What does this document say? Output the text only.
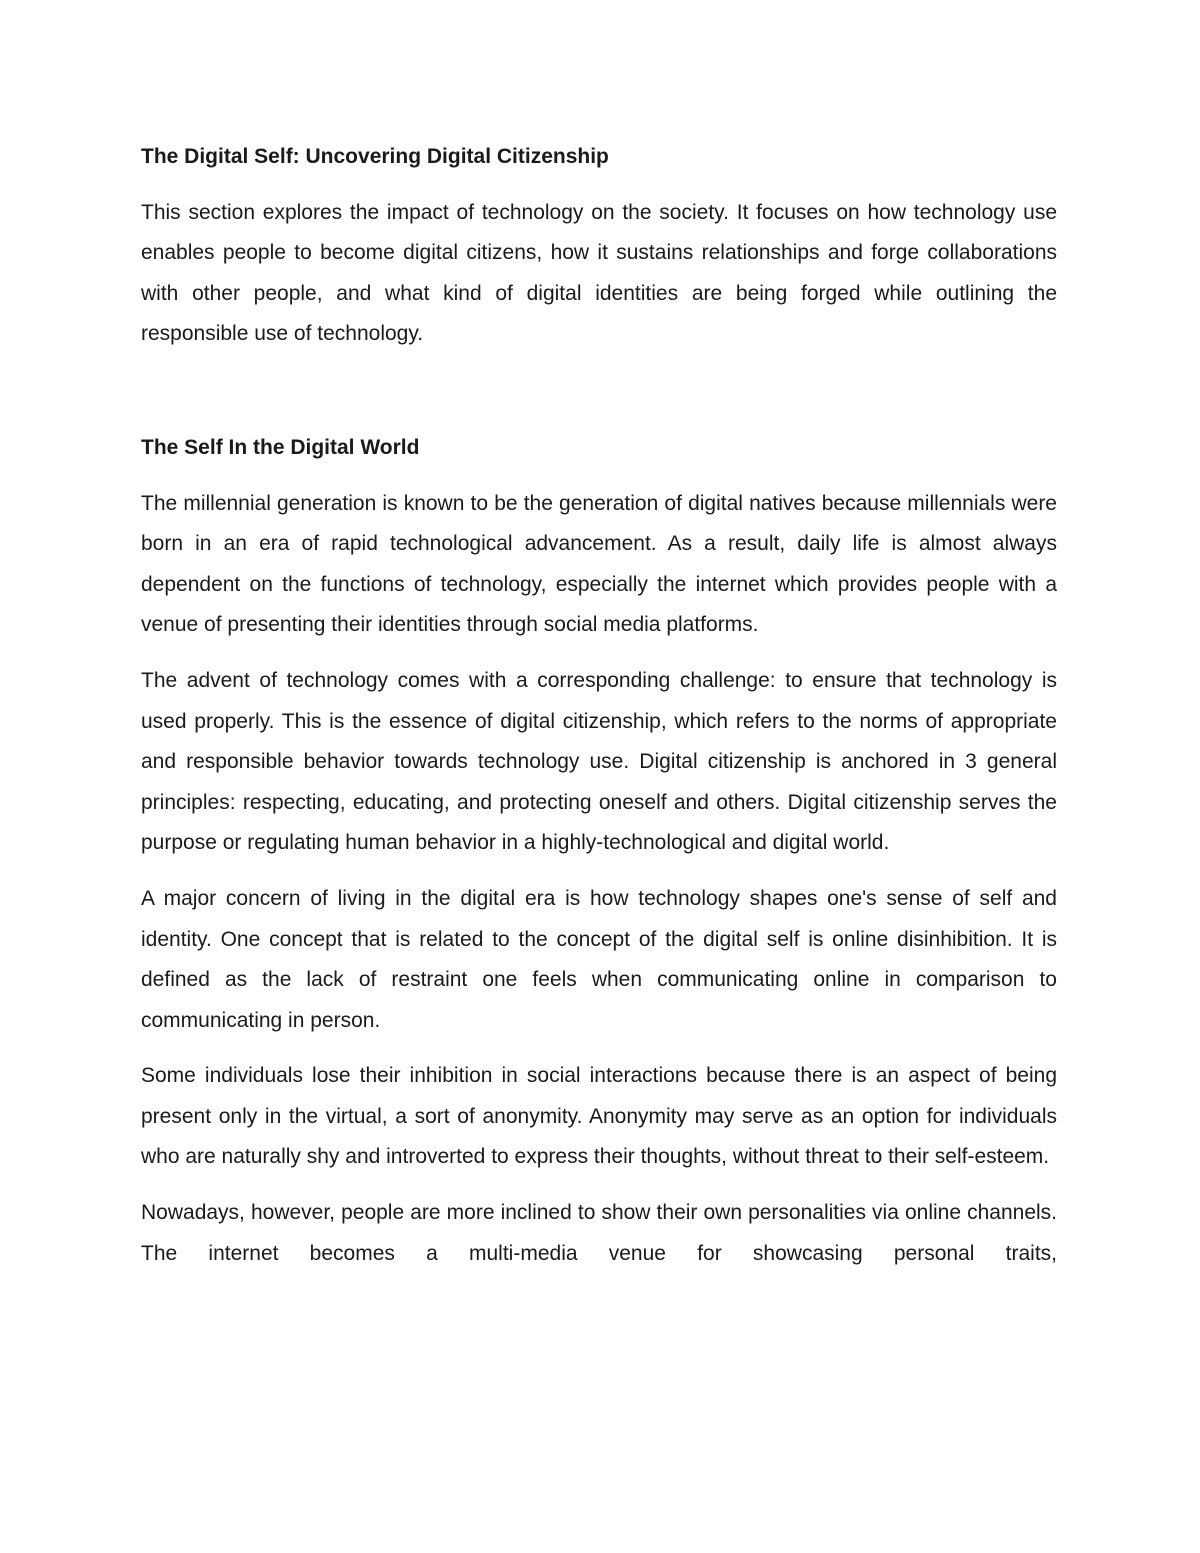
The Digital Self: Uncovering Digital Citizenship

This section explores the impact of technology on the society. It focuses on how technology use enables people to become digital citizens, how it sustains relationships and forge collaborations with other people, and what kind of digital identities are being forged while outlining the responsible use of technology.

The Self In the Digital World

The millennial generation is known to be the generation of digital natives because millennials were born in an era of rapid technological advancement. As a result, daily life is almost always dependent on the functions of technology, especially the internet which provides people with a venue of presenting their identities through social media platforms.

The advent of technology comes with a corresponding challenge: to ensure that technology is used properly. This is the essence of digital citizenship, which refers to the norms of appropriate and responsible behavior towards technology use. Digital citizenship is anchored in 3 general principles: respecting, educating, and protecting oneself and others. Digital citizenship serves the purpose or regulating human behavior in a highly-technological and digital world.

A major concern of living in the digital era is how technology shapes one's sense of self and identity. One concept that is related to the concept of the digital self is online disinhibition. It is defined as the lack of restraint one feels when communicating online in comparison to communicating in person.

Some individuals lose their inhibition in social interactions because there is an aspect of being present only in the virtual, a sort of anonymity. Anonymity may serve as an option for individuals who are naturally shy and introverted to express their thoughts, without threat to their self-esteem.

Nowadays, however, people are more inclined to show their own personalities via online channels. The internet becomes a multi-media venue for showcasing personal traits,
